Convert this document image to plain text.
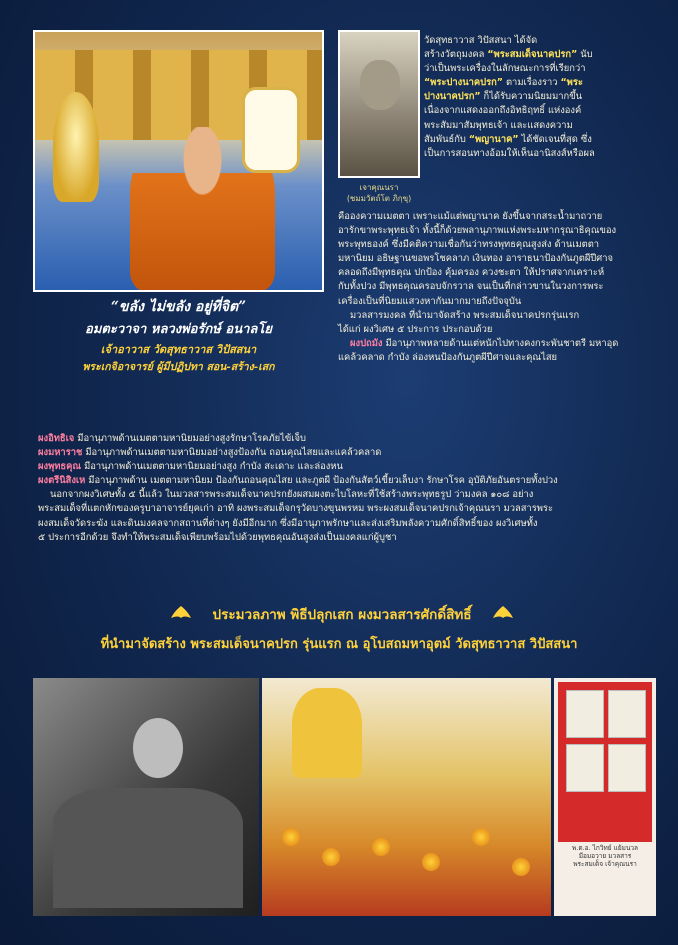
เจาคุณนรา
(ชมมวัตถ์โต ภิกฺขุ)
“ขลัง ไม่ขลัง อยู่ที่จิต”
อมตะวาจา หลวงพ่อรักษ์ อนาลโย
เจ้าอาวาส วัดสุทธาวาส วิปัสสนา
พระเกจิอาจารย์ ผู้มีปฏิปทา สอน-สร้าง-เสก
วัดสุทธาวาส วิปัสสนา ได้จัด
สร้างวัตถุมงคล “พระสมเด็จนาคปรก” นับ
ว่าเป็นพระเครื่องในลักษณะการที่เรียกว่า
“พระปางนาคปรก” ตามเรื่องราว “พระ
ปางนาคปรก” ก็ได้รับความนิยมมากขึ้น
เนื่องจากแสดงออกถึงอิทธิฤทธิ์ แห่งองค์
พระสัมมาสัมพุทธเจ้า และแสดงความ
สัมพันธ์กับ “พญานาค” ได้ชัดเจนที่สุด ซึ่ง
เป็นการสอนทางอ้อมให้เห็นอานิสงส์หรือผล
คือองความเมตตา เพราะแม้แต่พญานาค ยังขึ้นจากสระน้ำมาถวาย
อารักขาพระพุทธเจ้า ทั้งนี้ก็ด้วยพลานุภาพแห่งพระมหากรุณาธิคุณของ
พระพุทธองค์ ซึ่งมีคติความเชื่อกันว่าทรงพุทธคุณสูงส่ง ด้านเมตตา
มหานิยม อธิษฐานขอพรโชคลาภ เงินทอง อาราธนาป้องกันภูตผีปีศาจ
คลอดถึงมีพุทธคุณ ปกป้อง คุ้มครอง ควงชะตา ให้ปราศจากเคราะห์
กับทั้งปวง มีพุทธคุณครอบจักรวาล จนเป็นที่กล่าวขานในวงการพระ
เครื่องเป็นที่นิยมแสวงหากันมากมายถึงปัจจุบัน
มวลสารมงคล ที่นำมาจัดสร้าง พระสมเด็จนาคปรกรุ่นแรก
ได้แก่ ผงวิเศษ ๕ ประการ ประกอบด้วย
ผงปถมัง มีอานุภาพหลายด้านแต่หนักไปทางคงกระพันชาตรี มหาอุด
แคล้วคลาด กำบัง ล่องหนป้องกันภูตผีปีศาจและคุณไสย
ผงอิทธิเจ มีอานุภาพด้านเมตตามหานิยมอย่างสูงรักษาโรคภัยไข้เจ็บ
ผงมหาราช มีอานุภาพด้านเมตตามหานิยมอย่างสูงป้องกัน ถอนคุณไสยและแคล้วคลาด
ผงพุทธคุณ มีอานุภาพด้านเมตตามหานิยมอย่างสูง กำบัง สะเดาะ และล่องหน
ผงตรีนิสิงเห มีอานุภาพด้าน เมตตามหานิยม ป้องกันถอนคุณไสย และภูตผี ป้องกันสัตว์เขี้ยวเล็บงา รักษาโรค อุบัติภัยอันตรายทั้งปวง
นอกจากผงวิเศษทั้ง ๕ นี้แล้ว ในมวลสารพระสมเด็จนาคปรกยังผสมผงตะไบโลหะที่ใช้สร้างพระพุทธรูป ว่ามงคล ๑๐๘ อย่าง
พระสมเด็จที่แตกหักของครูบาอาจารย์ยุคเก่า อาทิ ผงพระสมเด็จกรุวัดบางขุนพรหม พระผงสมเด็จนาคปรกเจ้าคุณนรา มวลสารพระ
ผงสมเด็จวัดระฆัง และดินมงคลจากสถานที่ต่างๆ ยังมีอีกมาก ซึ่งมีอานุภาพรักษาและส่งเสริมพลังความศักดิ์สิทธิ์ของ ผงวิเศษทั้ง
๕ ประการอีกด้วย จึงทำให้พระสมเด็จเพียบพร้อมไปด้วยพุทธคุณอันสูงส่งเป็นมงคลแก่ผู้บูชา
ประมวลภาพ พิธีปลุกเสก ผงมวลสารศักดิ์สิทธิ์
ที่นำมาจัดสร้าง พระสมเด็จนาคปรก รุ่นแรก ณ อุโบสถมหาอุตม์ วัดสุทธาวาส วิปัสสนา
พ.ต.อ. ไกวิทย์ แย้มนวล
มีอมอวาย มวลสาร
พระสมเด็จ เจ้าคุณนรา
